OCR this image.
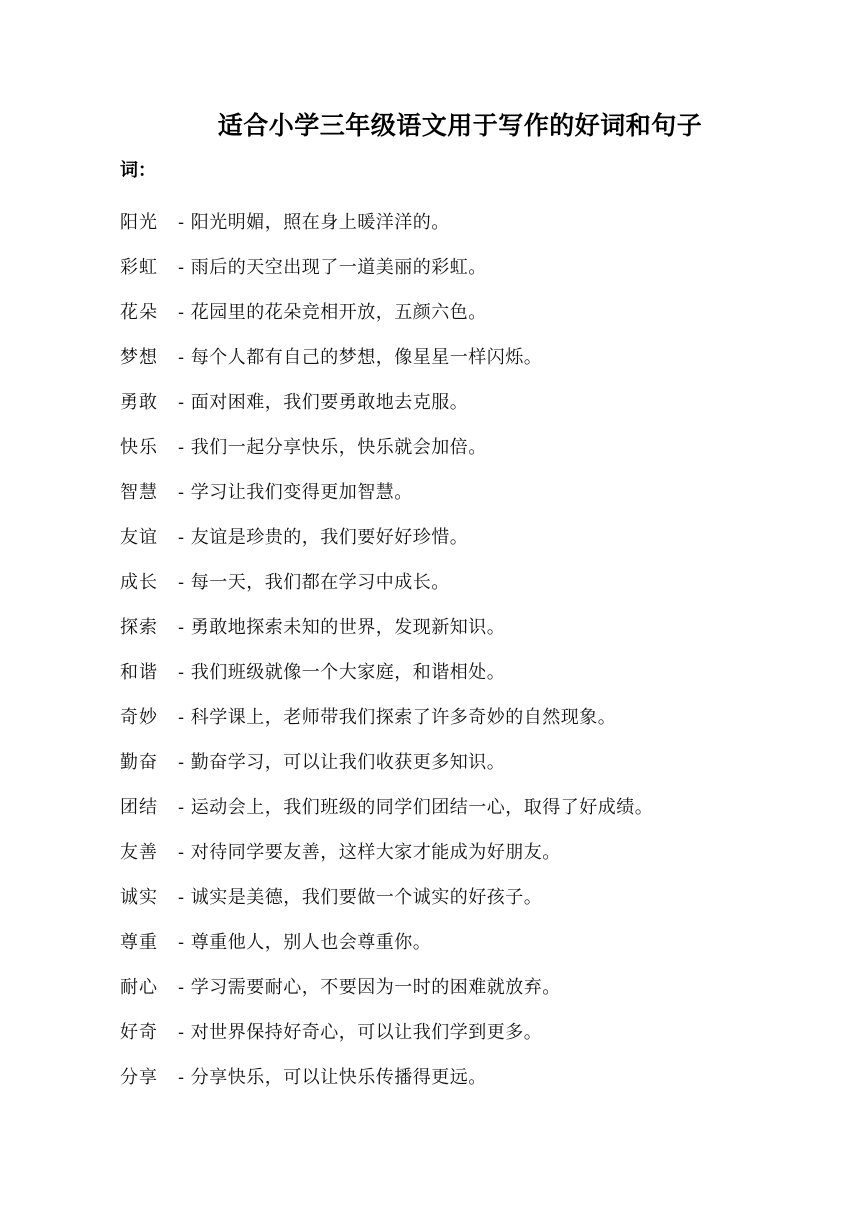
适合小学三年级语文用于写作的好词和句子
词：
阳光	- 阳光明媚，照在身上暖洋洋的。
彩虹	- 雨后的天空出现了一道美丽的彩虹。
花朵	- 花园里的花朵竞相开放，五颜六色。
梦想	- 每个人都有自己的梦想，像星星一样闪烁。
勇敢	- 面对困难，我们要勇敢地去克服。
快乐	- 我们一起分享快乐，快乐就会加倍。
智慧	- 学习让我们变得更加智慧。
友谊	- 友谊是珍贵的，我们要好好珍惜。
成长	- 每一天，我们都在学习中成长。
探索	- 勇敢地探索未知的世界，发现新知识。
和谐	- 我们班级就像一个大家庭，和谐相处。
奇妙	- 科学课上，老师带我们探索了许多奇妙的自然现象。
勤奋	- 勤奋学习，可以让我们收获更多知识。
团结	- 运动会上，我们班级的同学们团结一心，取得了好成绩。
友善	- 对待同学要友善，这样大家才能成为好朋友。
诚实	- 诚实是美德，我们要做一个诚实的好孩子。
尊重	- 尊重他人，别人也会尊重你。
耐心	- 学习需要耐心，不要因为一时的困难就放弃。
好奇	- 对世界保持好奇心，可以让我们学到更多。
分享	- 分享快乐，可以让快乐传播得更远。
